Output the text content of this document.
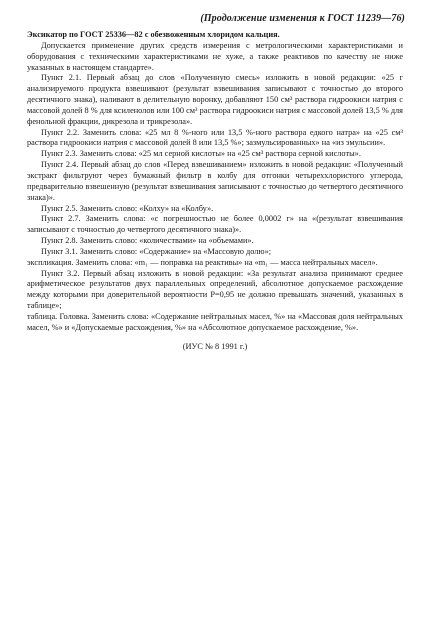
(Продолжение изменения к ГОСТ 11239—76)

Эксикатор по ГОСТ 25336—82 с обезвоженным хлоридом кальция.

Допускается применение других средств измерения с метрологическими характеристиками и оборудования с техническими характеристиками не хуже, а также реактивов по качеству не ниже указанных в настоящем стандарте».

Пункт 2.1. Первый абзац до слов «Полученную смесь» изложить в новой редакции: «25 г анализируемого продукта взвешивают (результат взвешивания записывают с точностью до второго десятичного знака), наливают в делительную воронку, добавляют 150 см³ раствора гидроокиси натрия с массовой долей 8 % для ксиленолов или 100 см³ раствора гидроокиси натрия с массовой долей 13,5 % для фенольной фракции, дикрезола и трикрезола».

Пункт 2.2. Заменить слова: «25 мл 8 %-ного или 13,5 %-ного раствора едкого натра» на «25 см³ раствора гидроокиси натрия с массовой долей 8 или 13,5 %»; зазмульсированных» на «из эмульсии».

Пункт 2.3. Заменить слова: «25 мл серной кислоты» на «25 см³ раствора серной кислоты».

Пункт 2.4. Первый абзац до слов «Перед взвешиванием» изложить в новой редакции: «Полученный экстракт фильтруют через бумажный фильтр в колбу для отгонки четыреххлористого углерода, предварительно взвешенную (результат взвешивания записывают с точностью до четвертого десятичного знака)».

Пункт 2.5. Заменить слово: «Колху» на «Колбу».

Пункт 2.7. Заменить слова: «с погрешностью не более 0,0002 г» на «(результат взвешивания записывают с точностью до четвертого десятичного знака)».

Пункт 2.8. Заменить слово: «количествами» на «объемами».

Пункт 3.1. Заменить слово: «Содержание» на «Массовую долю»;

экспликация. Заменить слова: «m₁ — поправка на реактивы» на «m₁ — масса нейтральных масел».

Пункт 3.2. Первый абзац изложить в новой редакции: «За результат анализа принимают среднее арифметическое результатов двух параллельных определений, абсолютное допускаемое расхождение между которыми при доверительной вероятности P=0,95 не должно превышать значений, указанных в таблице»;

таблица. Головка. Заменить слова: «Содержание нейтральных масел, %» на «Массовая доля нейтральных масел, %» и «Допускаемые расхождения, %» на «Абсолютное допускаемое расхождение, %».

(ИУС № 8 1991 г.)
